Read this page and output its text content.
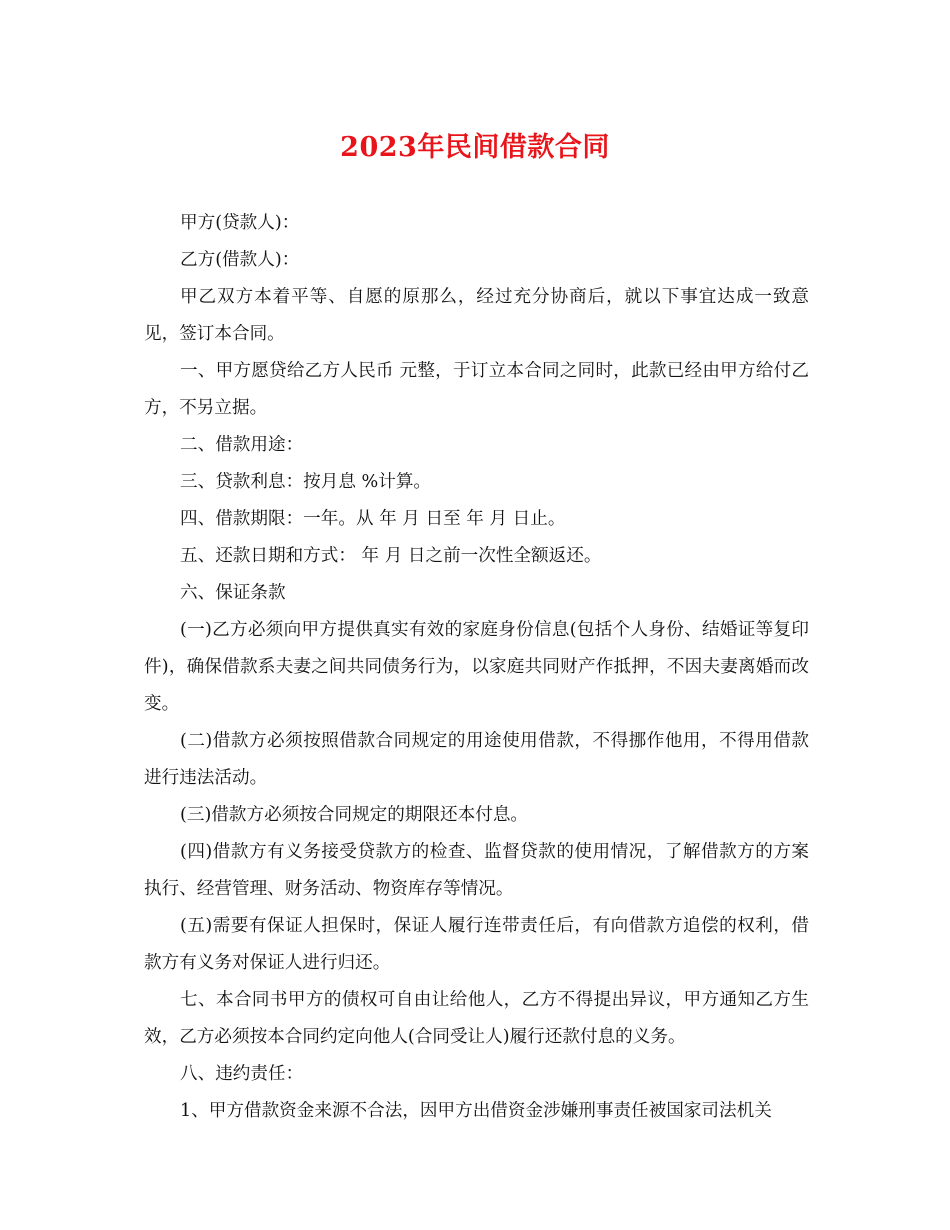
2023年民间借款合同

甲方(贷款人)：

乙方(借款人)：

甲乙双方本着平等、自愿的原那么，经过充分协商后，就以下事宜达成一致意见，签订本合同。

一、甲方愿贷给乙方人民币 元整，于订立本合同之同时，此款已经由甲方给付乙方，不另立据。

二、借款用途：

三、贷款利息：按月息 %计算。

四、借款期限：一年。从 年 月 日至 年 月 日止。

五、还款日期和方式： 年 月 日之前一次性全额返还。

六、保证条款

(一)乙方必须向甲方提供真实有效的家庭身份信息(包括个人身份、结婚证等复印件)，确保借款系夫妻之间共同债务行为，以家庭共同财产作抵押，不因夫妻离婚而改变。

(二)借款方必须按照借款合同规定的用途使用借款，不得挪作他用，不得用借款进行违法活动。

(三)借款方必须按合同规定的期限还本付息。

(四)借款方有义务接受贷款方的检查、监督贷款的使用情况，了解借款方的方案执行、经营管理、财务活动、物资库存等情况。

(五)需要有保证人担保时，保证人履行连带责任后，有向借款方追偿的权利，借款方有义务对保证人进行归还。

七、本合同书甲方的债权可自由让给他人，乙方不得提出异议，甲方通知乙方生效，乙方必须按本合同约定向他人(合同受让人)履行还款付息的义务。

八、违约责任：

1、甲方借款资金来源不合法，因甲方出借资金涉嫌刑事责任被国家司法机关
